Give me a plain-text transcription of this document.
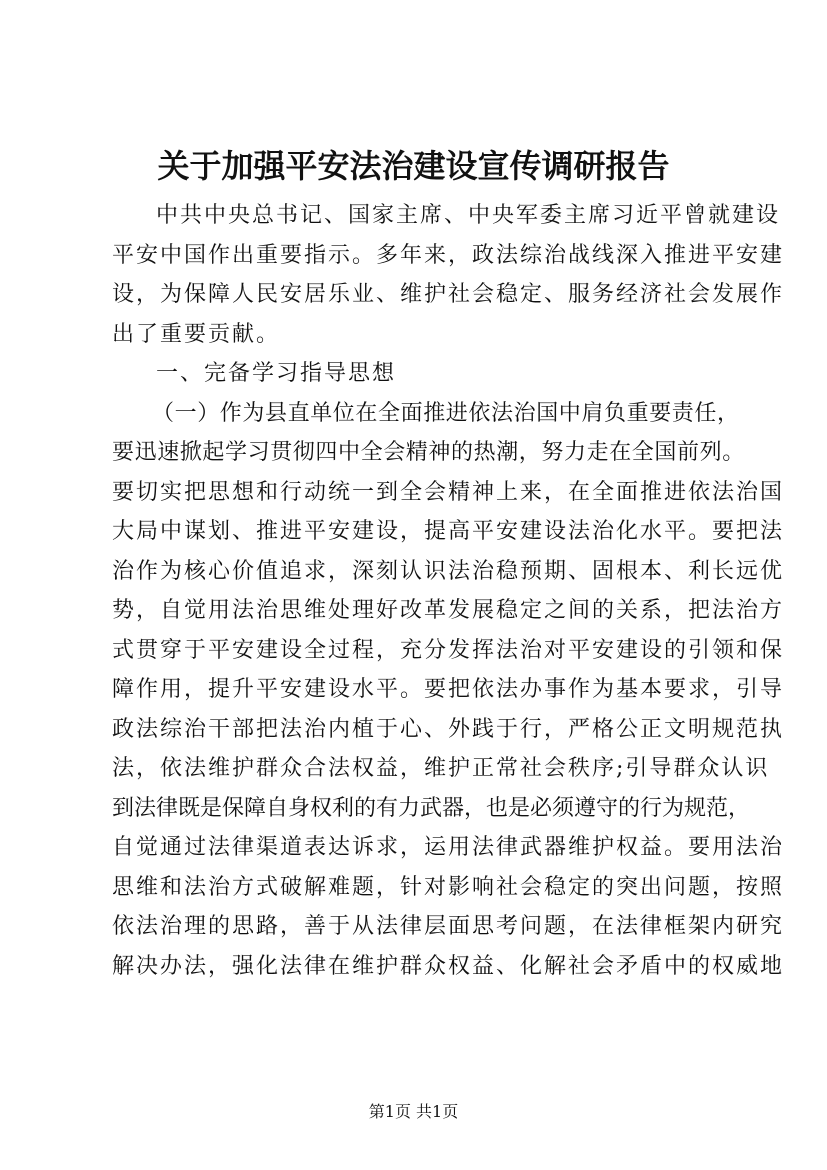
关于加强平安法治建设宣传调研报告
中共中央总书记、国家主席、中央军委主席习近平曾就建设
平安中国作出重要指示。多年来，政法综治战线深入推进平安建
设，为保障人民安居乐业、维护社会稳定、服务经济社会发展作
出了重要贡献。
一、完备学习指导思想
（一）作为县直单位在全面推进依法治国中肩负重要责任，
要迅速掀起学习贯彻四中全会精神的热潮，努力走在全国前列。
要切实把思想和行动统一到全会精神上来，在全面推进依法治国
大局中谋划、推进平安建设，提高平安建设法治化水平。要把法
治作为核心价值追求，深刻认识法治稳预期、固根本、利长远优
势，自觉用法治思维处理好改革发展稳定之间的关系，把法治方
式贯穿于平安建设全过程，充分发挥法治对平安建设的引领和保
障作用，提升平安建设水平。要把依法办事作为基本要求，引导
政法综治干部把法治内植于心、外践于行，严格公正文明规范执
法，依法维护群众合法权益，维护正常社会秩序;引导群众认识
到法律既是保障自身权利的有力武器，也是必须遵守的行为规范，
自觉通过法律渠道表达诉求，运用法律武器维护权益。要用法治
思维和法治方式破解难题，针对影响社会稳定的突出问题，按照
依法治理的思路，善于从法律层面思考问题，在法律框架内研究
解决办法，强化法律在维护群众权益、化解社会矛盾中的权威地
第1页 共1页
